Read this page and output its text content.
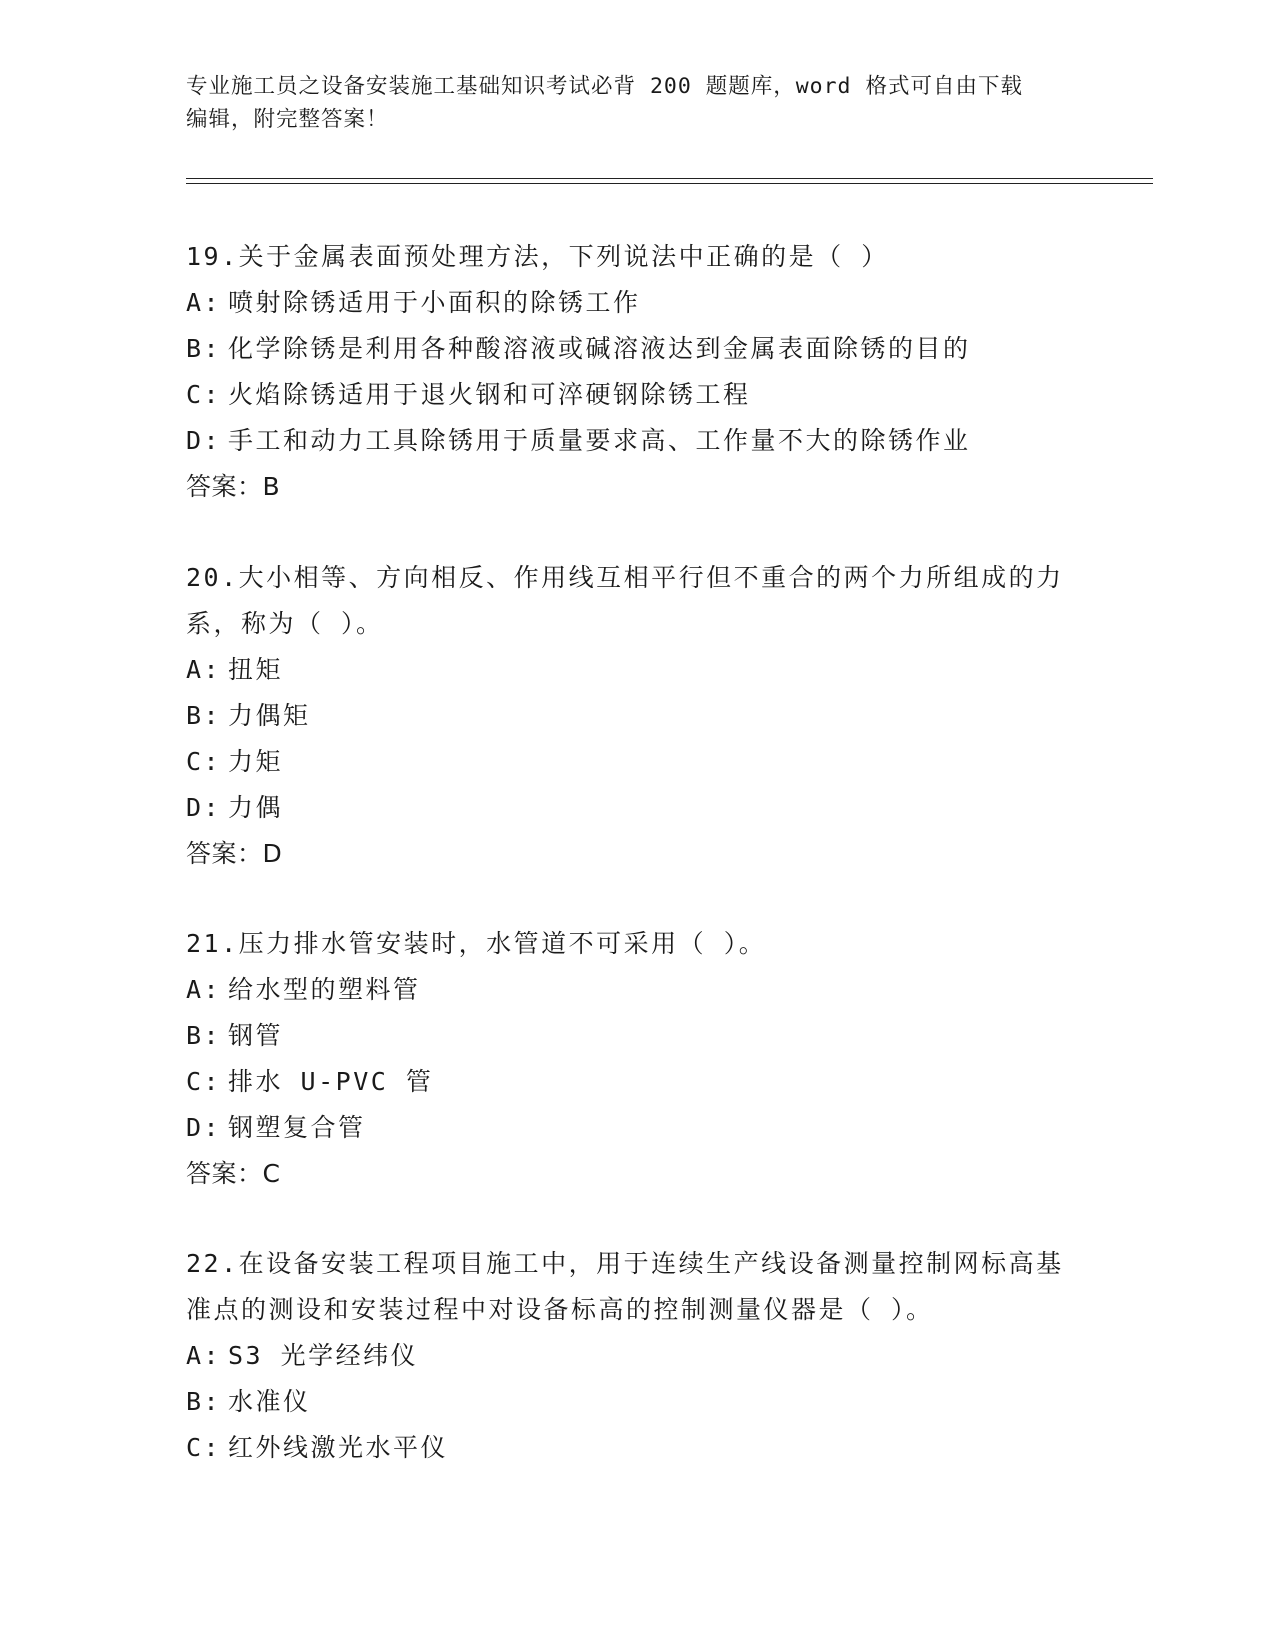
专业施工员之设备安装施工基础知识考试必背 200 题题库，word 格式可自由下载
编辑，附完整答案！

19.关于金属表面预处理方法，下列说法中正确的是（ ）

A: 喷射除锈适用于小面积的除锈工作
B: 化学除锈是利用各种酸溶液或碱溶液达到金属表面除锈的目的
C: 火焰除锈适用于退火钢和可淬硬钢除锈工程
D: 手工和动力工具除锈用于质量要求高、工作量不大的除锈作业
答案：B

20.大小相等、方向相反、作用线互相平行但不重合的两个力所组成的力系，称为（ ）。

A: 扭矩
B: 力偶矩
C: 力矩
D: 力偶
答案：D

21.压力排水管安装时，水管道不可采用（ ）。

A: 给水型的塑料管
B: 钢管
C: 排水 U-PVC 管
D: 钢塑复合管
答案：C

22.在设备安装工程项目施工中，用于连续生产线设备测量控制网标高基准点的测设和安装过程中对设备标高的控制测量仪器是（ ）。

A: S3 光学经纬仪
B: 水准仪
C: 红外线激光水平仪
